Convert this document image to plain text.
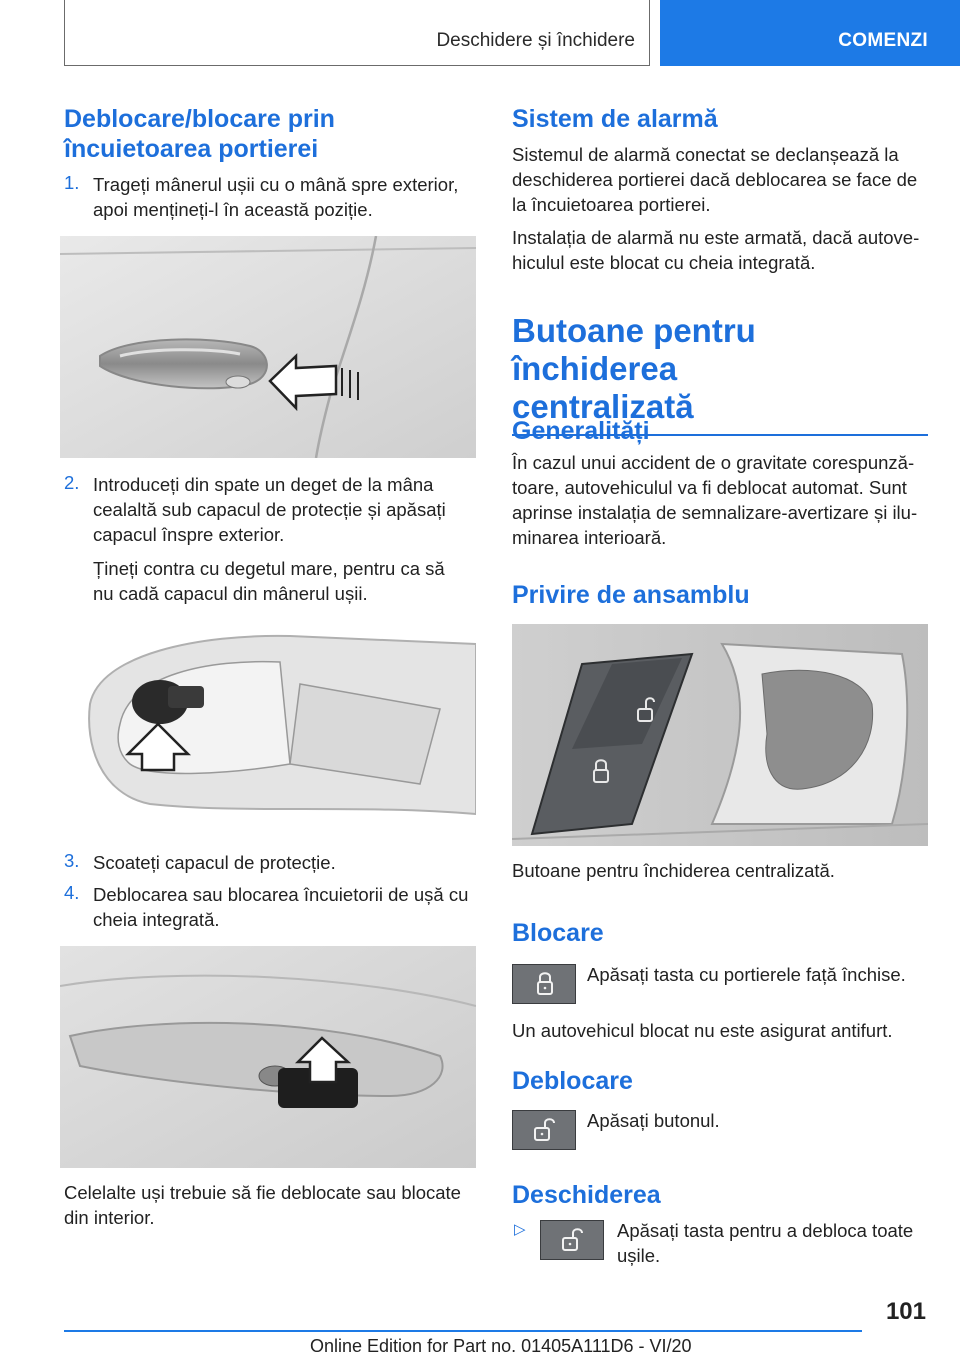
Deschidere și închidere	COMENZI
Deblocare/blocare prin
încuietoarea portierei
1. Trageți mânerul ușii cu o mână spre exterior,
apoi mențineți-l în această poziție.
2. Introduceți din spate un deget de la mâna
cealaltă sub capacul de protecție și apăsați
capacul înspre exterior.
Țineți contra cu degetul mare, pentru ca să
nu cadă capacul din mânerul ușii.
3. Scoateți capacul de protecție.
4. Deblocarea sau blocarea încuietorii de ușă cu
cheia integrată.
Celelalte uși trebuie să fie deblocate sau blocate
din interior.
Sistem de alarmă
Sistemul de alarmă conectat se declanșează la
deschiderea portierei dacă deblocarea se face de
la încuietoarea portierei.
Instalația de alarmă nu este armată, dacă autove‐
hiculul este blocat cu cheia integrată.
Butoane pentru închiderea
centralizată
Generalități
În cazul unui accident de o gravitate corespunză‐
toare, autovehiculul va fi deblocat automat. Sunt
aprinse instalația de semnalizare-avertizare și ilu‐
minarea interioară.
Privire de ansamblu
Butoane pentru închiderea centralizată.
Blocare
Apăsați tasta cu portierele față închise.
Un autovehicul blocat nu este asigurat antifurt.
Deblocare
Apăsați butonul.
Deschiderea
▷	Apăsați tasta pentru a debloca toate
ușile.
101
Online Edition for Part no. 01405A111D6 - VI/20
